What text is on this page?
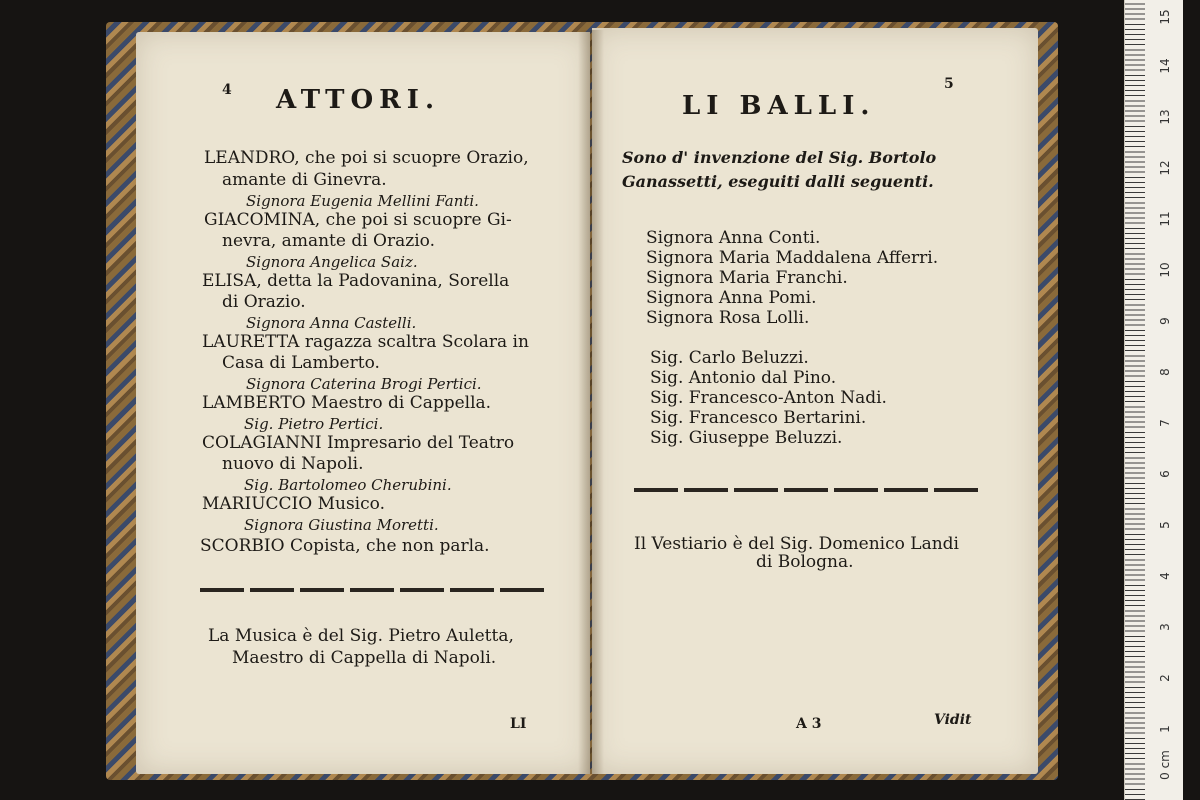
4 ATTORI.
LEANDRO, che poi si scuopre Orazio,
amante di Ginevra.
Signora Eugenia Mellini Fanti.
GIACOMINA, che poi si scuopre Gi-
nevra, amante di Orazio.
Signora Angelica Saiz.
ELISA, detta la Padovanina, Sorella
di Orazio.
Signora Anna Castelli.
LAURETTA ragazza scaltra Scolara in
Casa di Lamberto.
Signora Caterina Brogi Pertici.
LAMBERTO Maestro di Cappella.
Sig. Pietro Pertici.
COLAGIANNI Impresario del Teatro
nuovo di Napoli.
Sig. Bartolomeo Cherubini.
MARIUCCIO Musico.
Signora Giustina Moretti.
SCORBIO Copista, che non parla.
La Musica è del Sig. Pietro Auletta,
Maestro di Cappella di Napoli.
LI
5
LI BALLI.
Sono d' invenzione del Sig. Bortolo
Ganassetti, eseguiti dalli seguenti.
Signora Anna Conti.
Signora Maria Maddalena Afferri.
Signora Maria Franchi.
Signora Anna Pomi.
Signora Rosa Lolli.
Sig. Carlo Beluzzi.
Sig. Antonio dal Pino.
Sig. Francesco-Anton Nadi.
Sig. Francesco Bertarini.
Sig. Giuseppe Beluzzi.
Il Vestiario è del Sig. Domenico Landi
di Bologna.
A 3	Vidit
0 cm
1
2
3
4
5
6
7
8
9
10
11
12
13
14
15
